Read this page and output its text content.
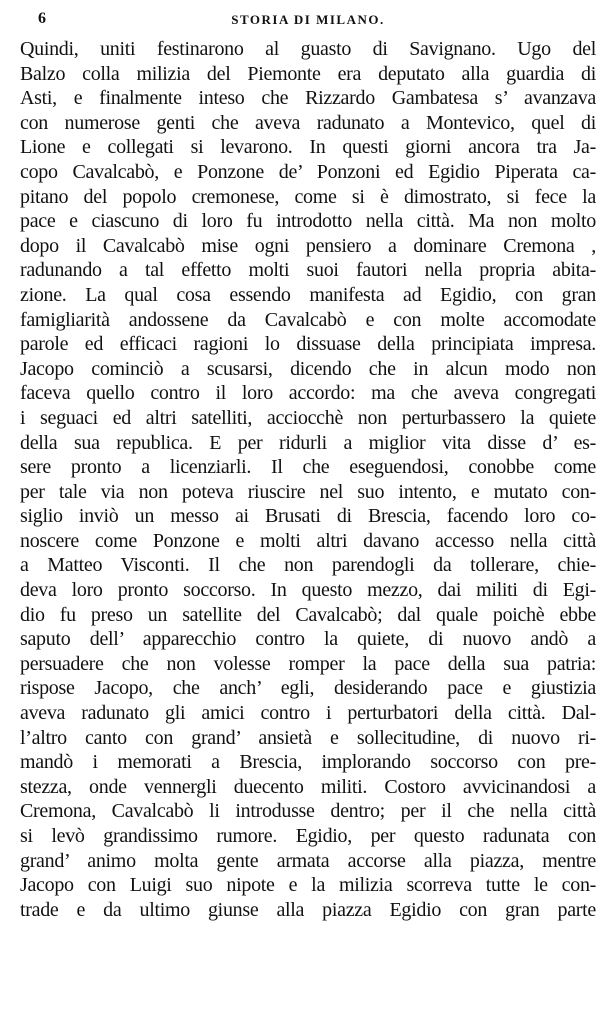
6	STORIA DI MILANO.
Quindi, uniti festinarono al guasto di Savignano. Ugo del
Balzo colla milizia del Piemonte era deputato alla guardia di
Asti, e finalmente inteso che Rizzardo Gambatesa s’ avanzava
con numerose genti che aveva radunato a Montevico, quel di
Lione e collegati si levarono. In questi giorni ancora tra Ja-
copo Cavalcabò, e Ponzone de’ Ponzoni ed Egidio Piperata ca-
pitano del popolo cremonese, come si è dimostrato, si fece la
pace e ciascuno di loro fu introdotto nella città. Ma non molto
dopo il Cavalcabò mise ogni pensiero a dominare Cremona ,
radunando a tal effetto molti suoi fautori nella propria abita-
zione. La qual cosa essendo manifesta ad Egidio, con gran
famigliarità andossene da Cavalcabò e con molte accomodate
parole ed efficaci ragioni lo dissuase della principiata impresa.
Jacopo cominciò a scusarsi, dicendo che in alcun modo non
faceva quello contro il loro accordo: ma che aveva congregati
i seguaci ed altri satelliti, acciocchè non perturbassero la quiete
della sua republica. E per ridurli a miglior vita disse d’ es-
sere pronto a licenziarli. Il che eseguendosi, conobbe come
per tale via non poteva riuscire nel suo intento, e mutato con-
siglio inviò un messo ai Brusati di Brescia, facendo loro co-
noscere come Ponzone e molti altri davano accesso nella città
a Matteo Visconti. Il che non parendogli da tollerare, chie-
deva loro pronto soccorso. In questo mezzo, dai militi di Egi-
dio fu preso un satellite del Cavalcabò; dal quale poichè ebbe
saputo dell’ apparecchio contro la quiete, di nuovo andò a
persuadere che non volesse romper la pace della sua patria:
rispose Jacopo, che anch’ egli, desiderando pace e giustizia
aveva radunato gli amici contro i perturbatori della città. Dal-
l’altro canto con grand’ ansietà e sollecitudine, di nuovo ri-
mandò i memorati a Brescia, implorando soccorso con pre-
stezza, onde vennergli duecento militi. Costoro avvicinandosi a
Cremona, Cavalcabò li introdusse dentro; per il che nella città
si levò grandissimo rumore. Egidio, per questo radunata con
grand’ animo molta gente armata accorse alla piazza, mentre
Jacopo con Luigi suo nipote e la milizia scorreva tutte le con-
trade e da ultimo giunse alla piazza Egidio con gran parte
